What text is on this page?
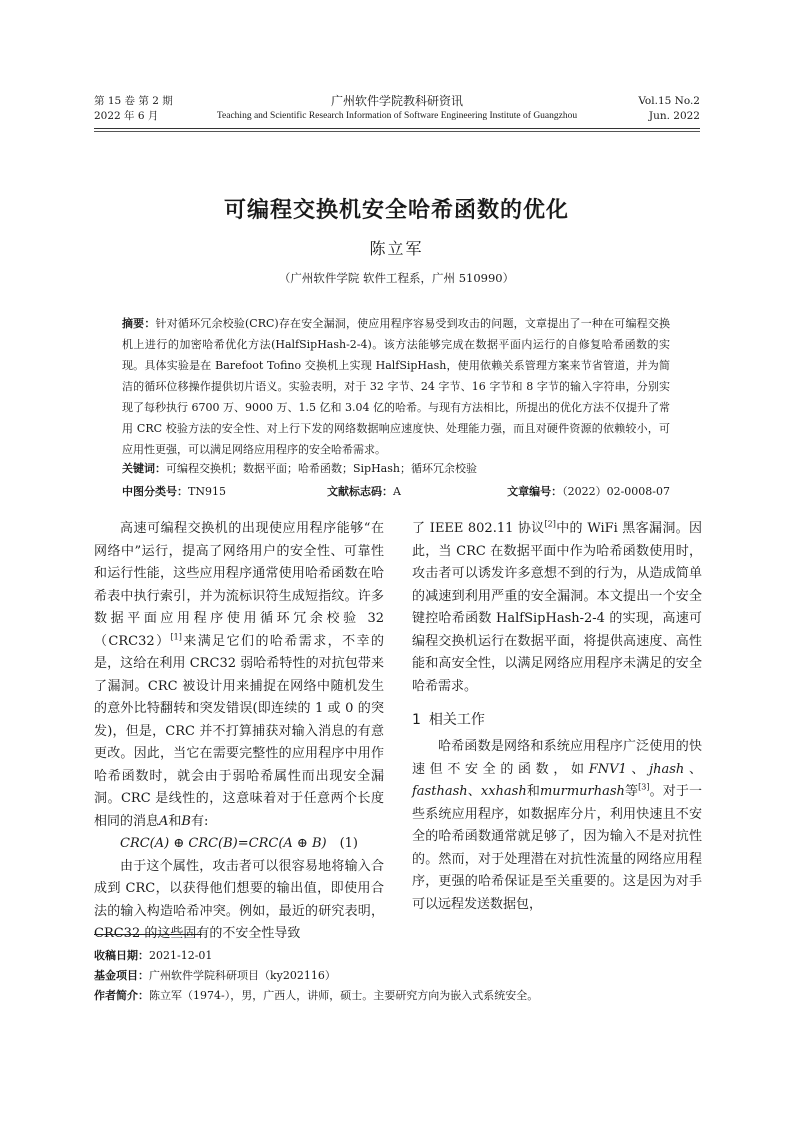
第 15 卷 第 2 期
2022 年 6 月
广州软件学院教科研资讯
Teaching and Scientific Research Information of Software Engineering Institute of Guangzhou
Vol.15 No.2
Jun. 2022
可编程交换机安全哈希函数的优化
陈立军
（广州软件学院 软件工程系，广州 510990）
摘要：针对循环冗余校验(CRC)存在安全漏洞，使应用程序容易受到攻击的问题，文章提出了一种在可编程交换机上进行的加密哈希优化方法(HalfSipHash-2-4)。该方法能够完成在数据平面内运行的自修复哈希函数的实现。具体实验是在 Barefoot Tofino 交换机上实现 HalfSipHash，使用依赖关系管理方案来节省管道，并为简洁的循环位移操作提供切片语义。实验表明，对于 32 字节、24 字节、16 字节和 8 字节的输入字符串，分别实现了每秒执行 6700 万、9000 万、1.5 亿和 3.04 亿的哈希。与现有方法相比，所提出的优化方法不仅提升了常用 CRC 校验方法的安全性、对上行下发的网络数据响应速度快、处理能力强，而且对硬件资源的依赖较小，可应用性更强，可以满足网络应用程序的安全哈希需求。
关键词：可编程交换机；数据平面；哈希函数；SipHash；循环冗余校验
中图分类号：TN915	文献标志码：A	文章编号：（2022）02-0008-07

高速可编程交换机的出现使应用程序能够“在网络中”运行，提高了网络用户的安全性、可靠性和运行性能，这些应用程序通常使用哈希函数在哈希表中执行索引，并为流标识符生成短指纹。许多数据平面应用程序使用循环冗余校验 32（CRC32）[1]来满足它们的哈希需求，不幸的是，这给在利用 CRC32 弱哈希特性的对抗包带来了漏洞。CRC 被设计用来捕捉在网络中随机发生的意外比特翻转和突发错误(即连续的 1 或 0 的突发)，但是，CRC 并不打算捕获对输入消息的有意更改。因此，当它在需要完整性的应用程序中用作哈希函数时，就会由于弱哈希属性而出现安全漏洞。CRC 是线性的，这意味着对于任意两个长度相同的消息A和B有:

CRC(A) ⊕ CRC(B)=CRC(A ⊕ B) (1)

由于这个属性，攻击者可以很容易地将输入合成到 CRC，以获得他们想要的输出值，即使用合法的输入构造哈希冲突。例如，最近的研究表明，CRC32 的这些固有的不安全性导致

了 IEEE 802.11 协议[2]中的 WiFi 黑客漏洞。因此，当 CRC 在数据平面中作为哈希函数使用时，攻击者可以诱发许多意想不到的行为，从造成简单的减速到利用严重的安全漏洞。本文提出一个安全键控哈希函数 HalfSipHash-2-4 的实现，高速可编程交换机运行在数据平面，将提供高速度、高性能和高安全性，以满足网络应用程序未满足的安全哈希需求。

1 相关工作

哈希函数是网络和系统应用程序广泛使用的快速但不安全的函数，如FNV1、jhash、fasthash、xxhash和murmurhash等[3]。对于一些系统应用程序，如数据库分片，利用快速且不安全的哈希函数通常就足够了，因为输入不是对抗性的。然而，对于处理潜在对抗性流量的网络应用程序，更强的哈希保证是至关重要的。这是因为对手可以远程发送数据包，

收稿日期：2021-12-01
基金项目：广州软件学院科研项目（ky202116）
作者简介：陈立军（1974-），男，广西人，讲师，硕士。主要研究方向为嵌入式系统安全。
